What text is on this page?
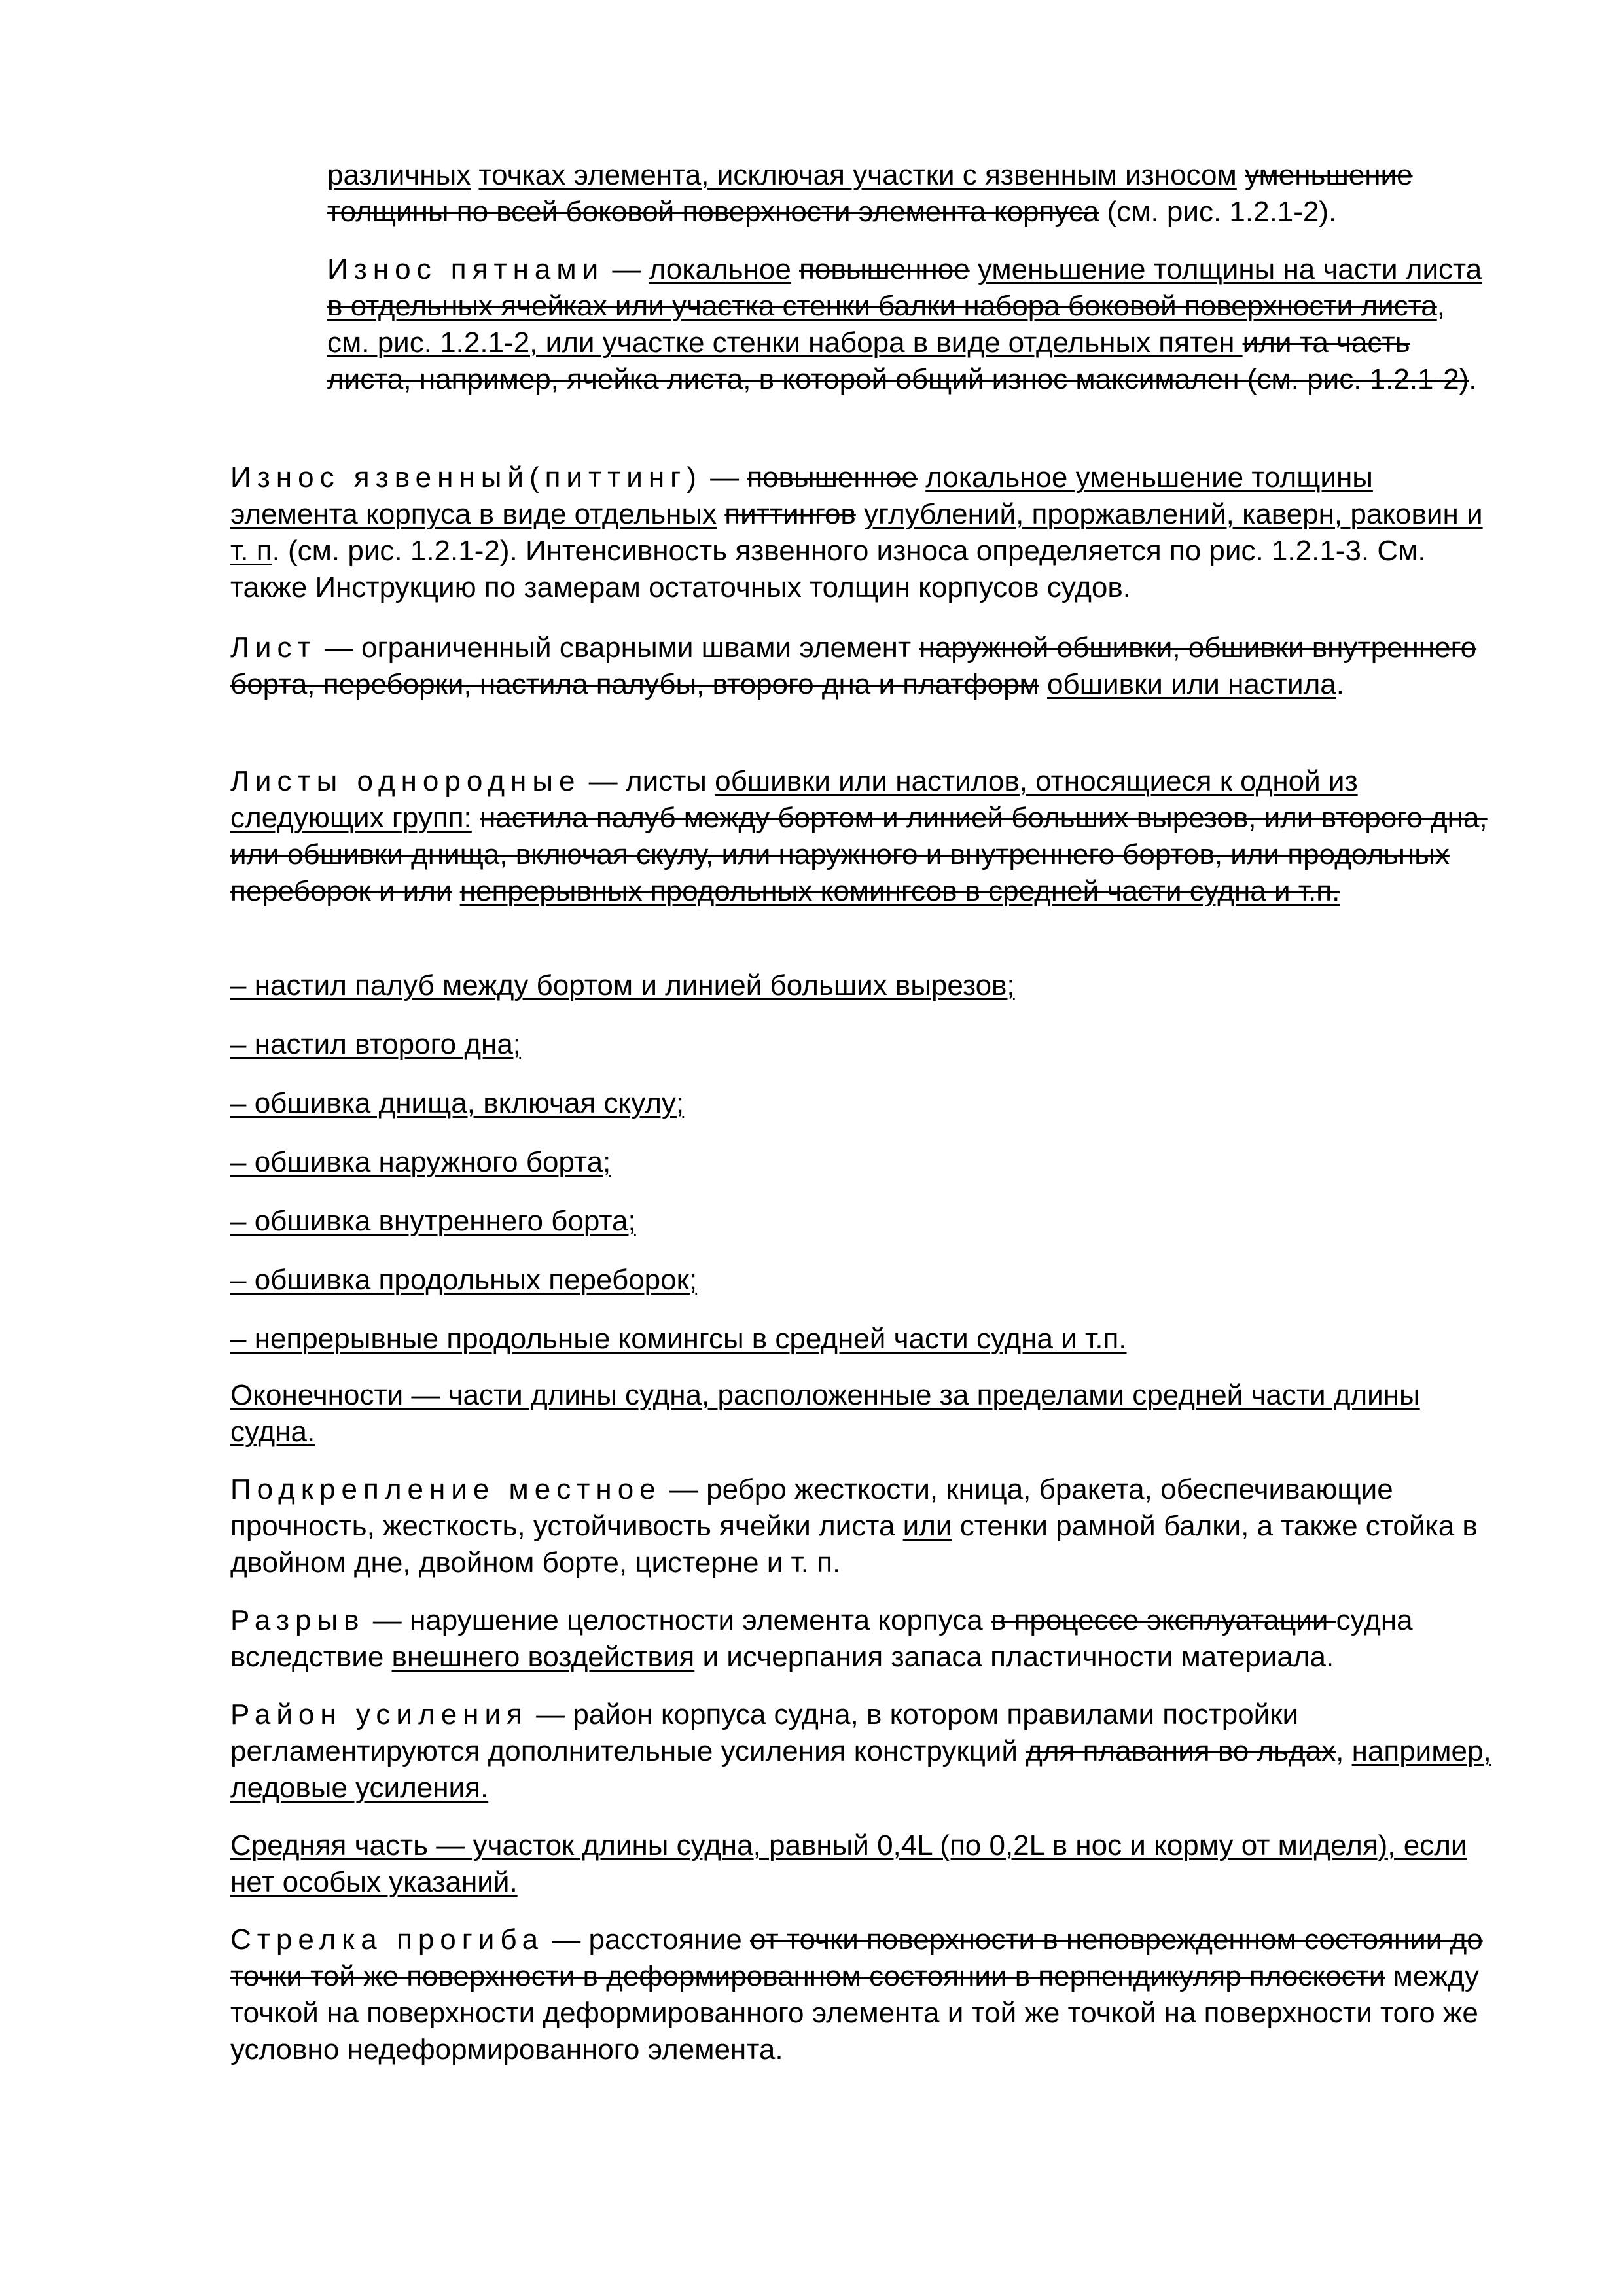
различных точках элемента, исключая участки с язвенным износом уменьшение толщины по всей боковой поверхности элемента корпуса (см. рис. 1.2.1-2).

Износ пятнами — локальное повышенное уменьшение толщины на части листа в отдельных ячейках или участка стенки балки набора боковой поверхности листа, см. рис. 1.2.1-2, или участке стенки набора в виде отдельных пятен или та часть листа, например, ячейка листа, в которой общий износ максимален (см. рис. 1.2.1-2).

Износ язвенный(питтинг) — повышенное локальное уменьшение толщины элемента корпуса в виде отдельных питтингов углублений, проржавлений, каверн, раковин и т. п. (см. рис. 1.2.1-2). Интенсивность язвенного износа определяется по рис. 1.2.1-3. См. также Инструкцию по замерам остаточных толщин корпусов судов.

Лист — ограниченный сварными швами элемент наружной обшивки, обшивки внутреннего борта, переборки, настила палубы, второго дна и платформ обшивки или настила.

Листы однородные — листы обшивки или настилов, относящиеся к одной из следующих групп: настила палуб между бортом и линией больших вырезов, или второго дна, или обшивки днища, включая скулу, или наружного и внутреннего бортов, или продольных переборок и или непрерывных продольных комингсов в средней части судна и т.п.

– настил палуб между бортом и линией больших вырезов;

– настил второго дна;

– обшивка днища, включая скулу;

– обшивка наружного борта;

– обшивка внутреннего борта;

– обшивка продольных переборок;

– непрерывные продольные комингсы в средней части судна и т.п.

Оконечности — части длины судна, расположенные за пределами средней части длины судна.

Подкрепление местное — ребро жесткости, кница, бракета, обеспечивающие прочность, жесткость, устойчивость ячейки листа или стенки рамной балки, а также стойка в двойном дне, двойном борте, цистерне и т. п.

Разрыв — нарушение целостности элемента корпуса в процессе эксплуатации судна вследствие внешнего воздействия и исчерпания запаса пластичности материала.

Район усиления — район корпуса судна, в котором правилами постройки регламентируются дополнительные усиления конструкций для плавания во льдах, например, ледовые усиления.

Средняя часть — участок длины судна, равный 0,4L (по 0,2L в нос и корму от миделя), если нет особых указаний.

Стрелка прогиба — расстояние от точки поверхности в неповрежденном состоянии до точки той же поверхности в деформированном состоянии в перпендикуляр плоскости между точкой на поверхности деформированного элемента и той же точкой на поверхности того же условно недеформированного элемента.
